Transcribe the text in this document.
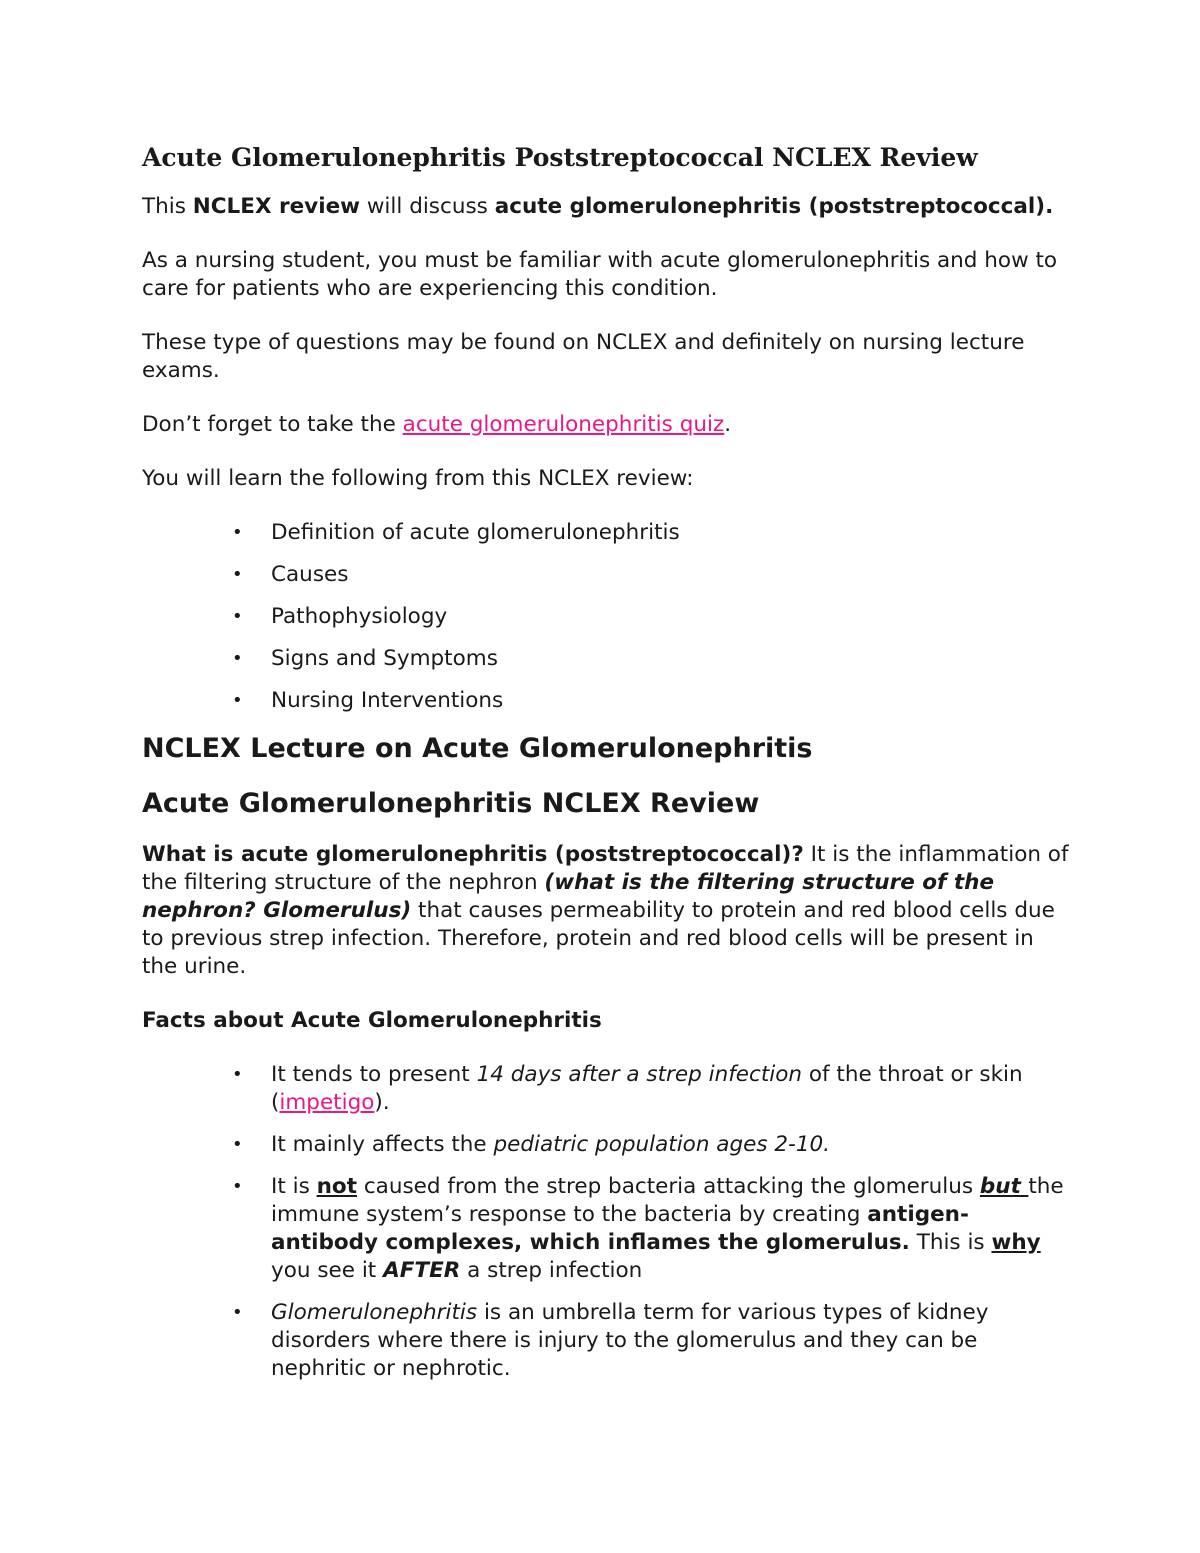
Acute Glomerulonephritis Poststreptococcal NCLEX Review

This NCLEX review will discuss acute glomerulonephritis (poststreptococcal).

As a nursing student, you must be familiar with acute glomerulonephritis and how to care for patients who are experiencing this condition.

These type of questions may be found on NCLEX and definitely on nursing lecture exams.

Don’t forget to take the acute glomerulonephritis quiz.

You will learn the following from this NCLEX review:

• Definition of acute glomerulonephritis
• Causes
• Pathophysiology
• Signs and Symptoms
• Nursing Interventions
NCLEX Lecture on Acute Glomerulonephritis
Acute Glomerulonephritis NCLEX Review

What is acute glomerulonephritis (poststreptococcal)? It is the inflammation of the filtering structure of the nephron (what is the filtering structure of the nephron? Glomerulus) that causes permeability to protein and red blood cells due to previous strep infection. Therefore, protein and red blood cells will be present in the urine.

Facts about Acute Glomerulonephritis
• It tends to present 14 days after a strep infection of the throat or skin (impetigo).
• It mainly affects the pediatric population ages 2-10.
• It is not caused from the strep bacteria attacking the glomerulus but the immune system’s response to the bacteria by creating antigen-antibody complexes, which inflames the glomerulus. This is why you see it AFTER a strep infection
• Glomerulonephritis is an umbrella term for various types of kidney disorders where there is injury to the glomerulus and they can be nephritic or nephrotic.
